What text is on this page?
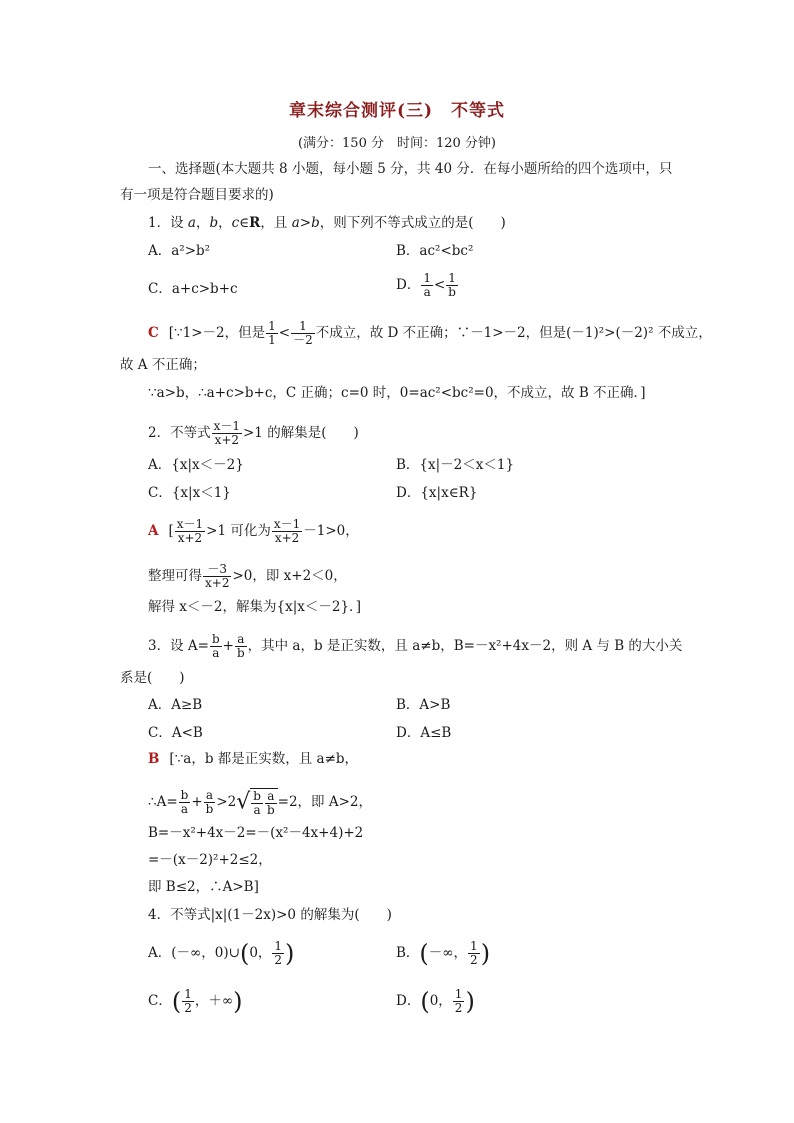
章末综合测评(三)　不等式
(满分：150 分　时间：120 分钟)
一、选择题(本大题共 8 小题，每小题 5 分，共 40 分．在每小题所给的四个选项中，只
有一项是符合题目要求的)
1．设 a，b，c∈R，且 a>b，则下列不等式成立的是(　　)
A．a²>b²	B．ac²<bc²
C．a+c>b+c	D． $\frac{1}{a} < \frac{1}{b}$
C [∵1>－2，但是 $\frac{1}{1} < \frac{1}{-2}$ 不成立，故 D 不正确；∵－1>－2，但是(－1)²>(－2)² 不成立，
故 A 不正确；
∵a>b，∴a+c>b+c，C 正确；c=0 时，0=ac²<bc²=0，不成立，故 B 不正确．]
2．不等式 $\frac{x-1}{x+2} >1$ 的解集是(　　)
A．{x|x＜－2}	B．{x|－2＜x＜1}
C．{x|x＜1}	D．{x|x∈R}
A [ $\frac{x-1}{x+2} >1$ 可化为 $\frac{x-1}{x+2} -1>0$，
整理可得 $\frac{-3}{x+2} >0$，即 x+2＜0，
解得 x＜－2，解集为{x|x＜－2}．]
3．设 $A= \frac{b}{a} + \frac{a}{b}$ ，其中 a，b 是正实数，且 a≠b，B=－x²+4x－2，则 A 与 B 的大小关
系是(　　)
A．A≥B	B．A>B
C．A<B	D．A≤B
B [∵a，b 都是正实数，且 a≠b，
∴A= $\frac{b}{a} + \frac{a}{b} >2√ \frac{b}{a} \frac{a}{b} =2$，即 A>2，
B=－x²+4x－2=－(x²－4x+4)+2
=－(x－2)²+2≤2，
即 B≤2，∴A>B]
4．不等式|x|(1－2x)>0 的解集为(　　)
A．(－∞，0)∪(0， $\frac{1}{2}$ )	B．(－∞， $\frac{1}{2}$ )
C．( $\frac{1}{2}$ ，＋∞)	D．(0， $\frac{1}{2}$ )
